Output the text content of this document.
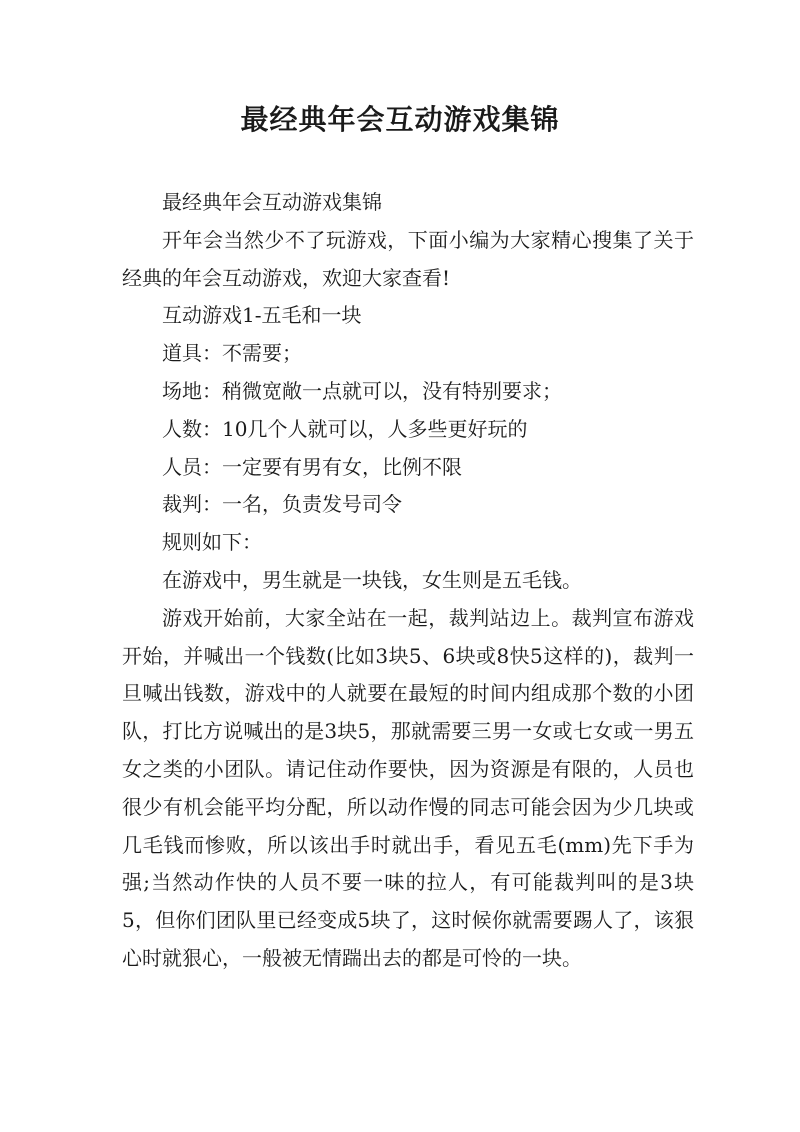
最经典年会互动游戏集锦

最经典年会互动游戏集锦

开年会当然少不了玩游戏，下面小编为大家精心搜集了关于经典的年会互动游戏，欢迎大家查看!

互动游戏1-五毛和一块

道具：不需要；

场地：稍微宽敞一点就可以，没有特别要求；

人数：10几个人就可以，人多些更好玩的

人员：一定要有男有女，比例不限

裁判：一名，负责发号司令

规则如下：

在游戏中，男生就是一块钱，女生则是五毛钱。

游戏开始前，大家全站在一起，裁判站边上。裁判宣布游戏开始，并喊出一个钱数(比如3块5、6块或8快5这样的)，裁判一旦喊出钱数，游戏中的人就要在最短的时间内组成那个数的小团队，打比方说喊出的是3块5，那就需要三男一女或七女或一男五女之类的小团队。请记住动作要快，因为资源是有限的，人员也很少有机会能平均分配，所以动作慢的同志可能会因为少几块或几毛钱而惨败，所以该出手时就出手，看见五毛(mm)先下手为强;当然动作快的人员不要一味的拉人，有可能裁判叫的是3块5，但你们团队里已经变成5块了，这时候你就需要踢人了，该狠心时就狠心，一般被无情踹出去的都是可怜的一块。
